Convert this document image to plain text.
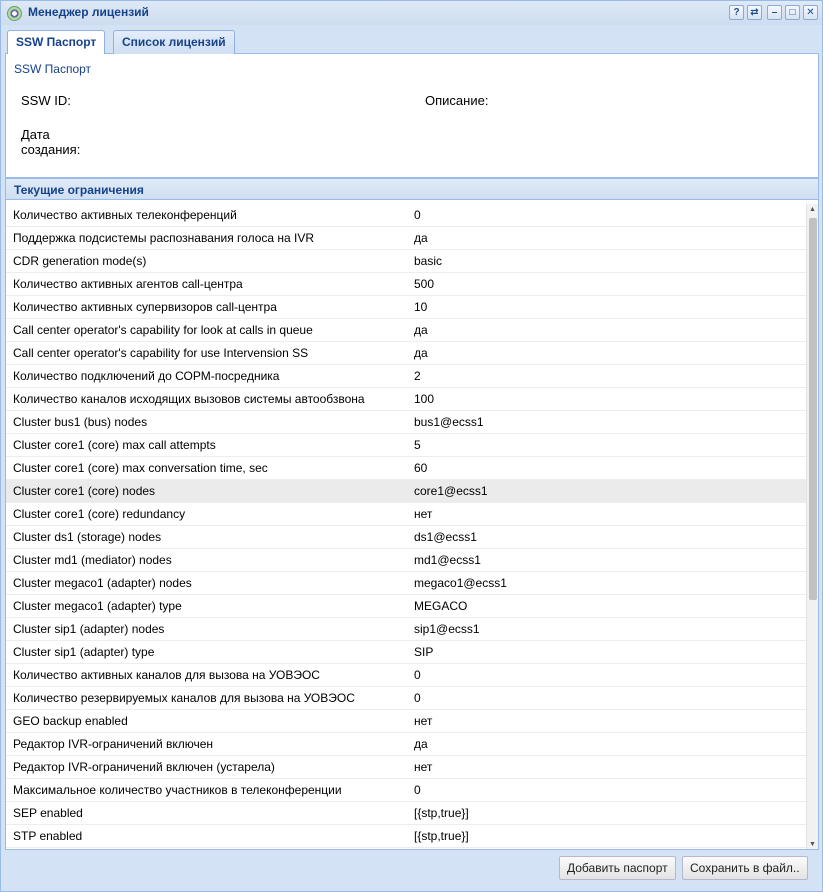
Менеджер лицензий	?	⇄	–	□	✕
SSW Паспорт	Список лицензий
SSW Паспорт
SSW ID:	Описание:
Дата
создания:
Текущие ограничения
Количество активных телеконференций	0
Поддержка подсистемы распознавания голоса на IVR	да
CDR generation mode(s)	basic
Количество активных агентов call-центра	500
Количество активных супервизоров call-центра	10
Call center operator's capability for look at calls in queue	да
Call center operator's capability for use Intervension SS	да
Количество подключений до СОРМ-посредника	2
Количество каналов исходящих вызовов системы автообзвона	100
Cluster bus1 (bus) nodes	bus1@ecss1
Cluster core1 (core) max call attempts	5
Cluster core1 (core) max conversation time, sec	60
Cluster core1 (core) nodes	core1@ecss1
Cluster core1 (core) redundancy	нет
Cluster ds1 (storage) nodes	ds1@ecss1
Cluster md1 (mediator) nodes	md1@ecss1
Cluster megaco1 (adapter) nodes	megaco1@ecss1
Cluster megaco1 (adapter) type	MEGACO
Cluster sip1 (adapter) nodes	sip1@ecss1
Cluster sip1 (adapter) type	SIP
Количество активных каналов для вызова на УОВЭОС	0
Количество резервируемых каналов для вызова на УОВЭОС	0
GEO backup enabled	нет
Редактор IVR-ограничений включен	да
Редактор IVR-ограничений включен (устарела)	нет
Максимальное количество участников в телеконференции	0
SEP enabled	[{stp,true}]
STP enabled	[{stp,true}]
▲
▼
Добавить паспорт	Сохранить в файл..
